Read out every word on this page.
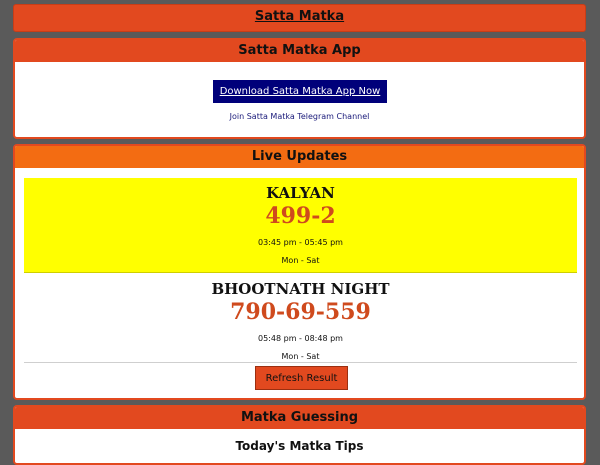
Satta Matka
Satta Matka App
Download Satta Matka App Now
Join Satta Matka Telegram Channel
Live Updates
KALYAN
499-2
03:45 pm - 05:45 pm
Mon - Sat
BHOOTNATH NIGHT
790-69-559
05:48 pm - 08:48 pm
Mon - Sat
Refresh Result
Matka Guessing
Today's Matka Tips
